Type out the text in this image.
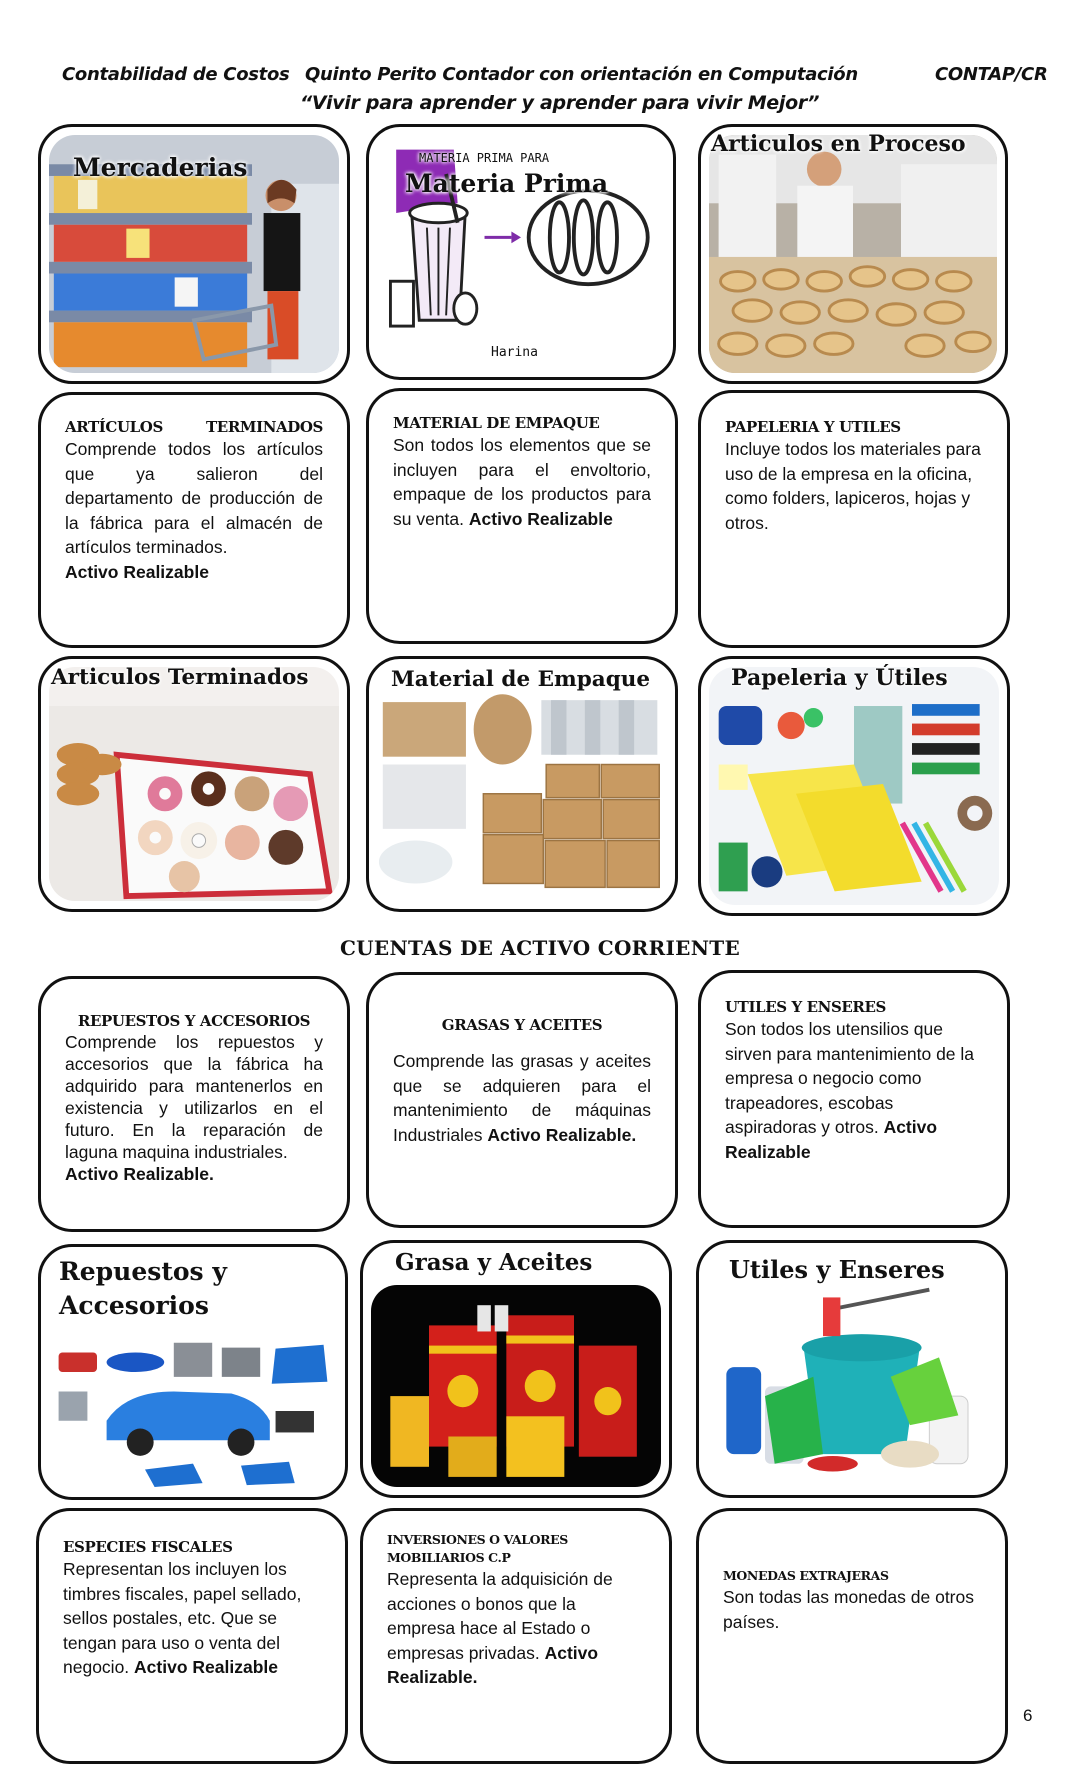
Contabilidad de Costos Quinto Perito Contador con orientación en Computación	CONTAP/CR
“Vivir para aprender y aprender para vivir Mejor”
Mercaderias	MATERIA PRIMA PARA
Materia Prima
Harina
Articulos en Proceso
ARTÍCULOS	TERMINADOS
Comprende todos los artículos que ya salieron del departamento de producción de la fábrica para el almacén de artículos terminados.
Activo Realizable
MATERIAL DE EMPAQUE
Son todos los elementos que se incluyen para el envoltorio, empaque de los productos para su venta. Activo Realizable
PAPELERIA Y UTILES
Incluye todos los materiales para uso de la empresa en la oficina, como folders, lapiceros, hojas y otros.
Articulos Terminados	Material de Empaque	Papeleria y Útiles
CUENTAS DE ACTIVO CORRIENTE
REPUESTOS Y ACCESORIOS
Comprende los repuestos y accesorios que la fábrica ha adquirido para mantenerlos en existencia y utilizarlos en el futuro. En la reparación de laguna maquina industriales.
Activo Realizable.
GRASAS Y ACEITES
Comprende las grasas y aceites que se adquieren para el mantenimiento de máquinas Industriales Activo Realizable.
UTILES Y ENSERES
Son todos los utensilios que sirven para mantenimiento de la empresa o negocio como trapeadores, escobas aspiradoras y otros. Activo Realizable
Repuestos y
Accesorios
Grasa y Aceites	Utiles y Enseres
ESPECIES FISCALES
Representan los incluyen los timbres fiscales, papel sellado, sellos postales, etc. Que se tengan para uso o venta del negocio. Activo Realizable
INVERSIONES O VALORES
MOBILIARIOS C.P
Representa la adquisición de acciones o bonos que la empresa hace al Estado o empresas privadas. Activo Realizable.
MONEDAS EXTRAJERAS
Son todas las monedas de otros países.
6
